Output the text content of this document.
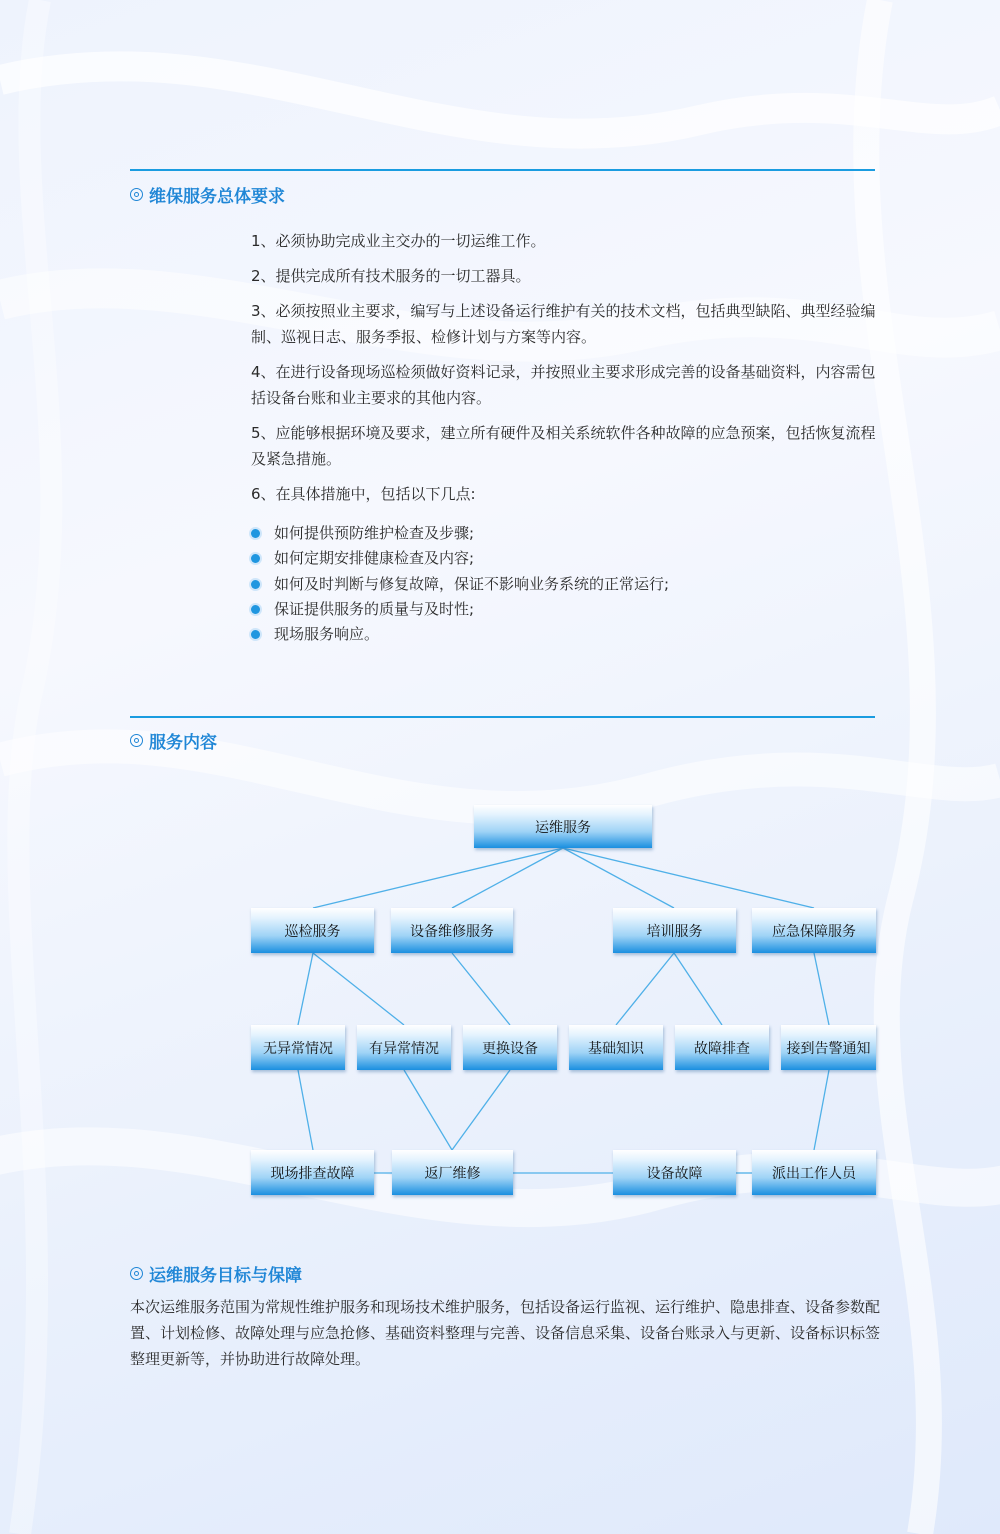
维保服务总体要求
1、必须协助完成业主交办的一切运维工作。
2、提供完成所有技术服务的一切工器具。
3、必须按照业主要求，编写与上述设备运行维护有关的技术文档，包括典型缺陷、典型经验编制、巡视日志、服务季报、检修计划与方案等内容。
4、在进行设备现场巡检须做好资料记录，并按照业主要求形成完善的设备基础资料，内容需包括设备台账和业主要求的其他内容。
5、应能够根据环境及要求，建立所有硬件及相关系统软件各种故障的应急预案，包括恢复流程及紧急措施。
6、在具体措施中，包括以下几点:
如何提供预防维护检查及步骤;
如何定期安排健康检查及内容;
如何及时判断与修复故障，保证不影响业务系统的正常运行;
保证提供服务的质量与及时性;
现场服务响应。
服务内容
运维服务
巡检服务	设备维修服务	培训服务	应急保障服务
无异常情况	有异常情况	更换设备	基础知识	故障排查	接到告警通知
现场排查故障	返厂维修	设备故障	派出工作人员
运维服务目标与保障

本次运维服务范围为常规性维护服务和现场技术维护服务，包括设备运行监视、运行维护、隐患排查、设备参数配置、计划检修、故障处理与应急抢修、基础资料整理与完善、设备信息采集、设备台账录入与更新、设备标识标签整理更新等，并协助进行故障处理。
